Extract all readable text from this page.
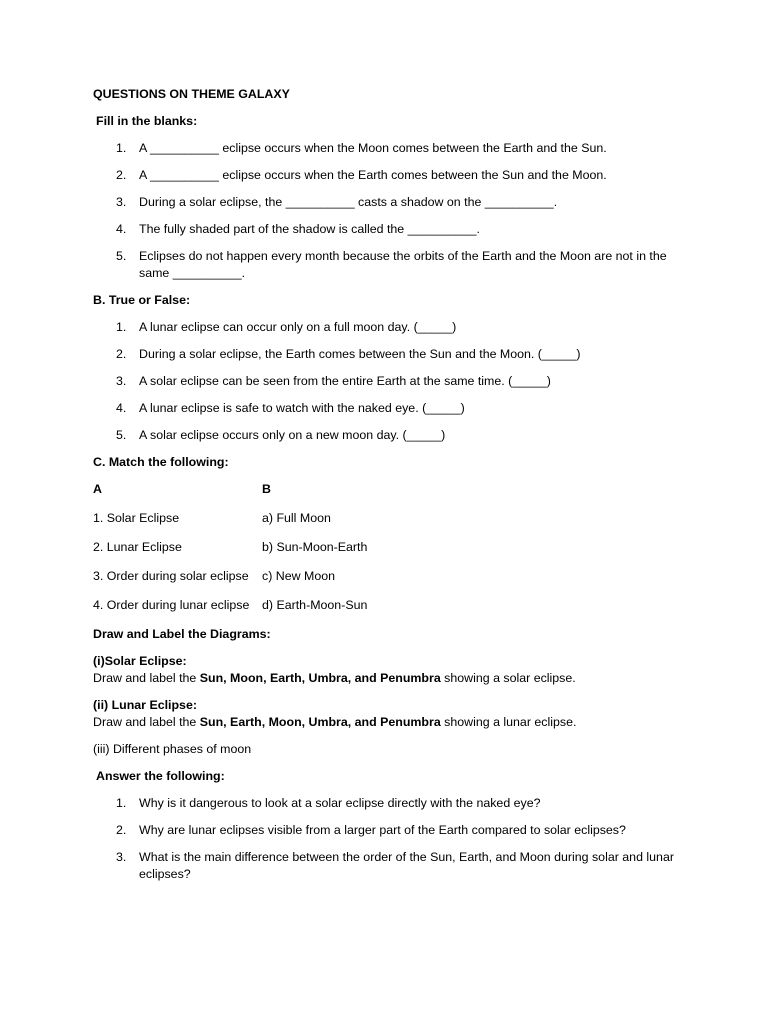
QUESTIONS ON THEME GALAXY
Fill in the blanks:
1. A __________ eclipse occurs when the Moon comes between the Earth and the Sun.
2. A __________ eclipse occurs when the Earth comes between the Sun and the Moon.
3. During a solar eclipse, the __________ casts a shadow on the __________.
4. The fully shaded part of the shadow is called the __________.
5. Eclipses do not happen every month because the orbits of the Earth and the Moon are not in the same __________.
B. True or False:
1. A lunar eclipse can occur only on a full moon day. (_____)
2. During a solar eclipse, the Earth comes between the Sun and the Moon. (_____)
3. A solar eclipse can be seen from the entire Earth at the same time. (_____)
4. A lunar eclipse is safe to watch with the naked eye. (_____)
5. A solar eclipse occurs only on a new moon day. (_____)
C. Match the following:
A	B
1. Solar Eclipse	a) Full Moon
2. Lunar Eclipse	b) Sun-Moon-Earth
3. Order during solar eclipse	c) New Moon
4. Order during lunar eclipse	d) Earth-Moon-Sun
Draw and Label the Diagrams:
(i)Solar Eclipse:
Draw and label the Sun, Moon, Earth, Umbra, and Penumbra showing a solar eclipse.
(ii) Lunar Eclipse:
Draw and label the Sun, Earth, Moon, Umbra, and Penumbra showing a lunar eclipse.
(iii) Different phases of moon
Answer the following:
1. Why is it dangerous to look at a solar eclipse directly with the naked eye?
2. Why are lunar eclipses visible from a larger part of the Earth compared to solar eclipses?
3. What is the main difference between the order of the Sun, Earth, and Moon during solar and lunar eclipses?
